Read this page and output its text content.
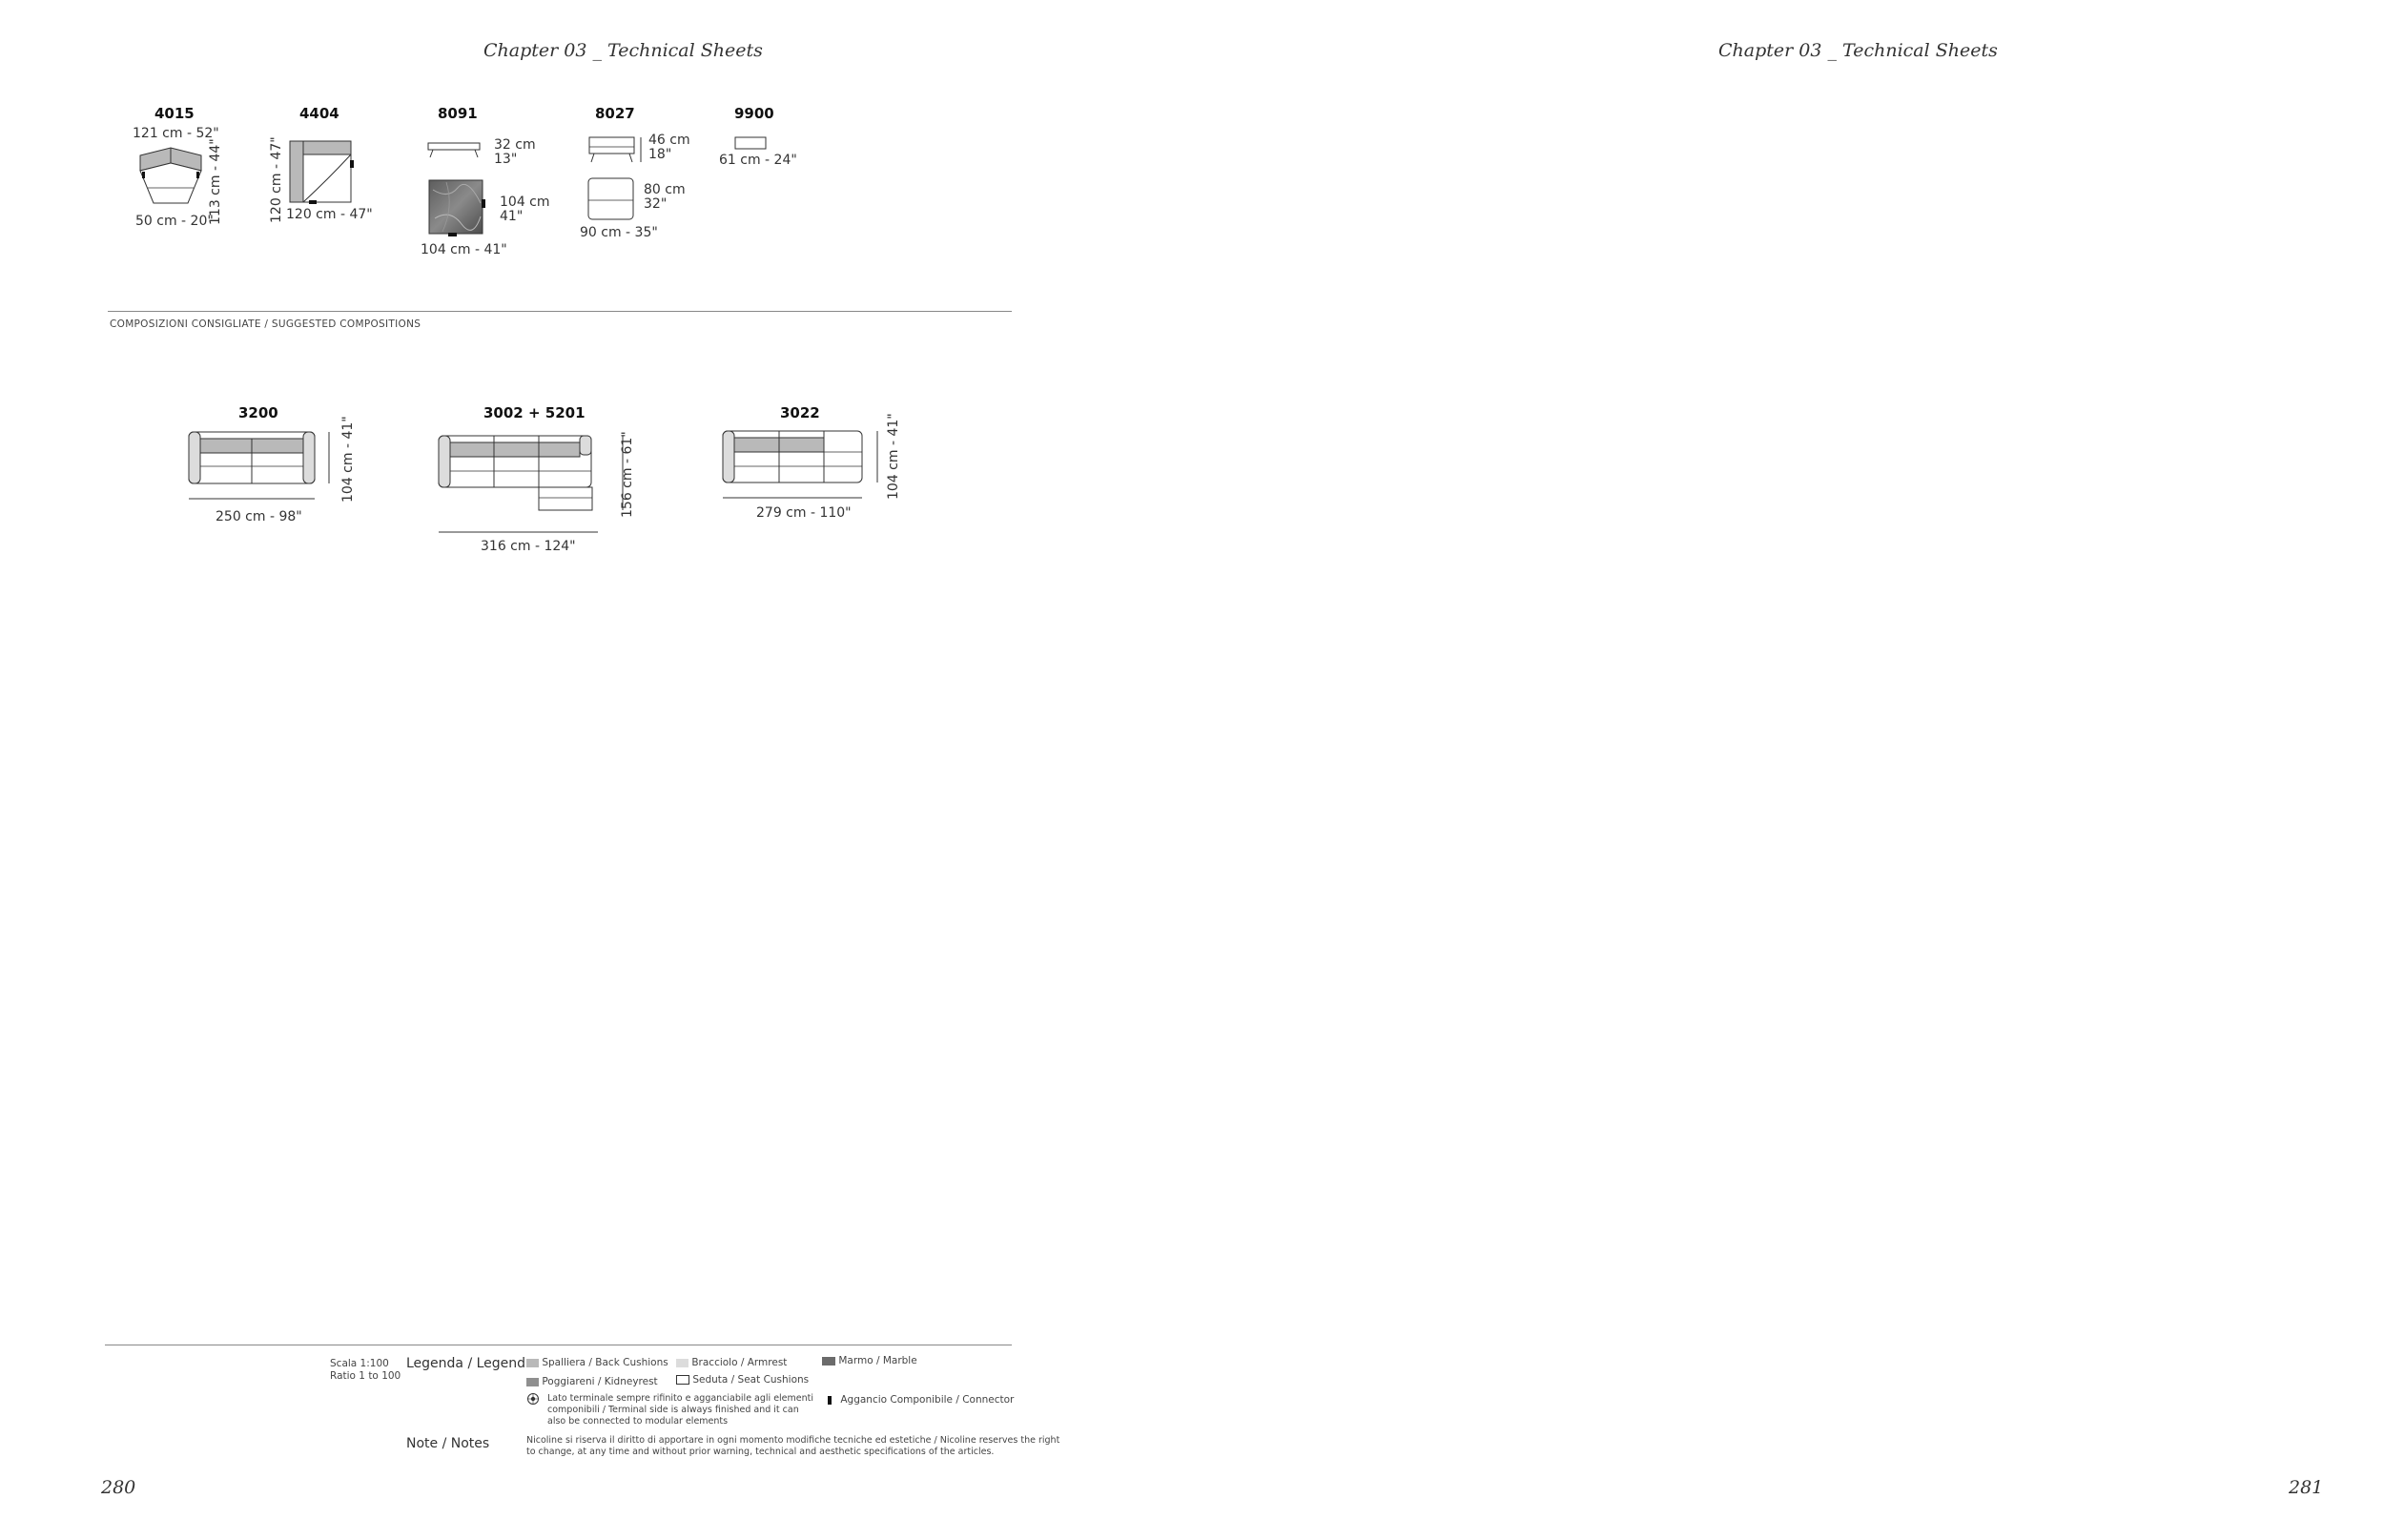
Chapter 03 _ Technical Sheets	Chapter 03 _ Technical Sheets
4015
121 cm - 52"
50 cm - 20"
113 cm - 44"
4404
120 cm - 47" 120 cm - 47"
8091
32 cm
13"
104 cm
41"
104 cm - 41"
8027
46 cm
18"
80 cm
32"
90 cm - 35"
9900
61 cm - 24"
COMPOSIZIONI CONSIGLIATE / SUGGESTED COMPOSITIONS
3200
250 cm - 98"
104 cm - 41"
3002 + 5201
316 cm - 124"
156 cm - 61"
3022
279 cm - 110"
104 cm - 41"
Scala 1:100
Ratio 1 to 100
Legenda / Legend	Spalliera / Back Cushions	Bracciolo / Armrest	Marmo / Marble
Poggiareni / Kidneyrest	Seduta / Seat Cushions
Lato terminale sempre rifinito e agganciabile agli elementi
componibili / Terminal side is always finished and it can
also be connected to modular elements
Aggancio Componibile / Connector
Note / Notes	Nicoline si riserva il diritto di apportare in ogni momento modifiche tecniche ed estetiche / Nicoline reserves the right
to change, at any time and without prior warning, technical and aesthetic specifications of the articles.
280	281
